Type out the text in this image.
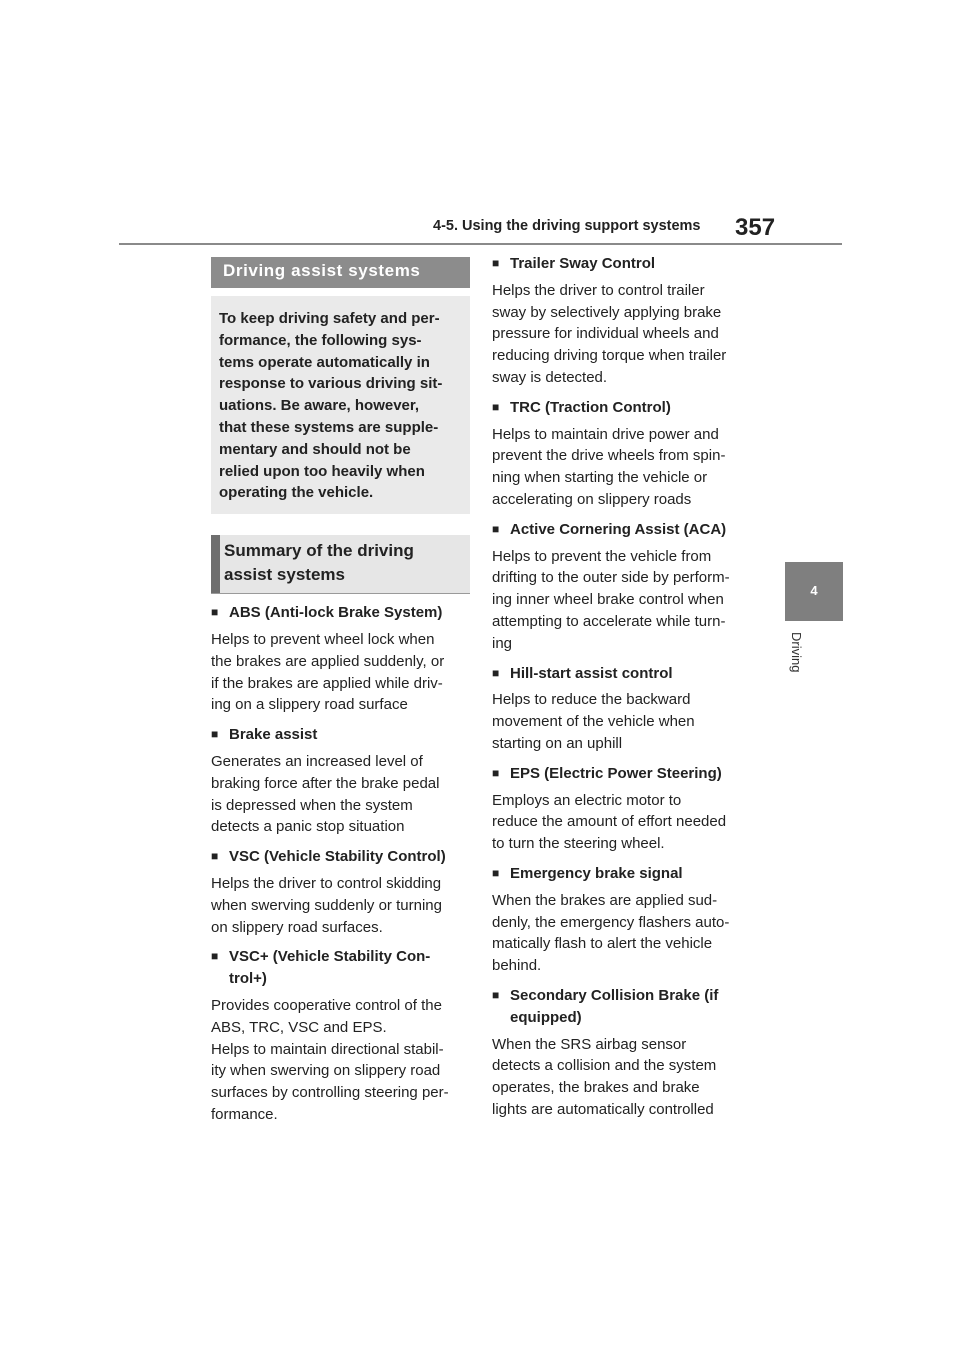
4-5. Using the driving support systems 357
4
Driving
Driving assist systems
To keep driving safety and per-
formance, the following sys-
tems operate automatically in
response to various driving sit-
uations. Be aware, however,
that these systems are supple-
mentary and should not be
relied upon too heavily when
operating the vehicle.
Summary of the driving
assist systems
■ ABS (Anti-lock Brake System)
Helps to prevent wheel lock when
the brakes are applied suddenly, or
if the brakes are applied while driv-
ing on a slippery road surface
■ Brake assist
Generates an increased level of
braking force after the brake pedal
is depressed when the system
detects a panic stop situation
■ VSC (Vehicle Stability Control)
Helps the driver to control skidding
when swerving suddenly or turning
on slippery road surfaces.
■ VSC+ (Vehicle Stability Con-
trol+)
Provides cooperative control of the
ABS, TRC, VSC and EPS.
Helps to maintain directional stabil-
ity when swerving on slippery road
surfaces by controlling steering per-
formance.
■ Trailer Sway Control
Helps the driver to control trailer
sway by selectively applying brake
pressure for individual wheels and
reducing driving torque when trailer
sway is detected.
■ TRC (Traction Control)
Helps to maintain drive power and
prevent the drive wheels from spin-
ning when starting the vehicle or
accelerating on slippery roads
■ Active Cornering Assist (ACA)
Helps to prevent the vehicle from
drifting to the outer side by perform-
ing inner wheel brake control when
attempting to accelerate while turn-
ing
■ Hill-start assist control
Helps to reduce the backward
movement of the vehicle when
starting on an uphill
■ EPS (Electric Power Steering)
Employs an electric motor to
reduce the amount of effort needed
to turn the steering wheel.
■ Emergency brake signal
When the brakes are applied sud-
denly, the emergency flashers auto-
matically flash to alert the vehicle
behind.
■ Secondary Collision Brake (if
equipped)
When the SRS airbag sensor
detects a collision and the system
operates, the brakes and brake
lights are automatically controlled
